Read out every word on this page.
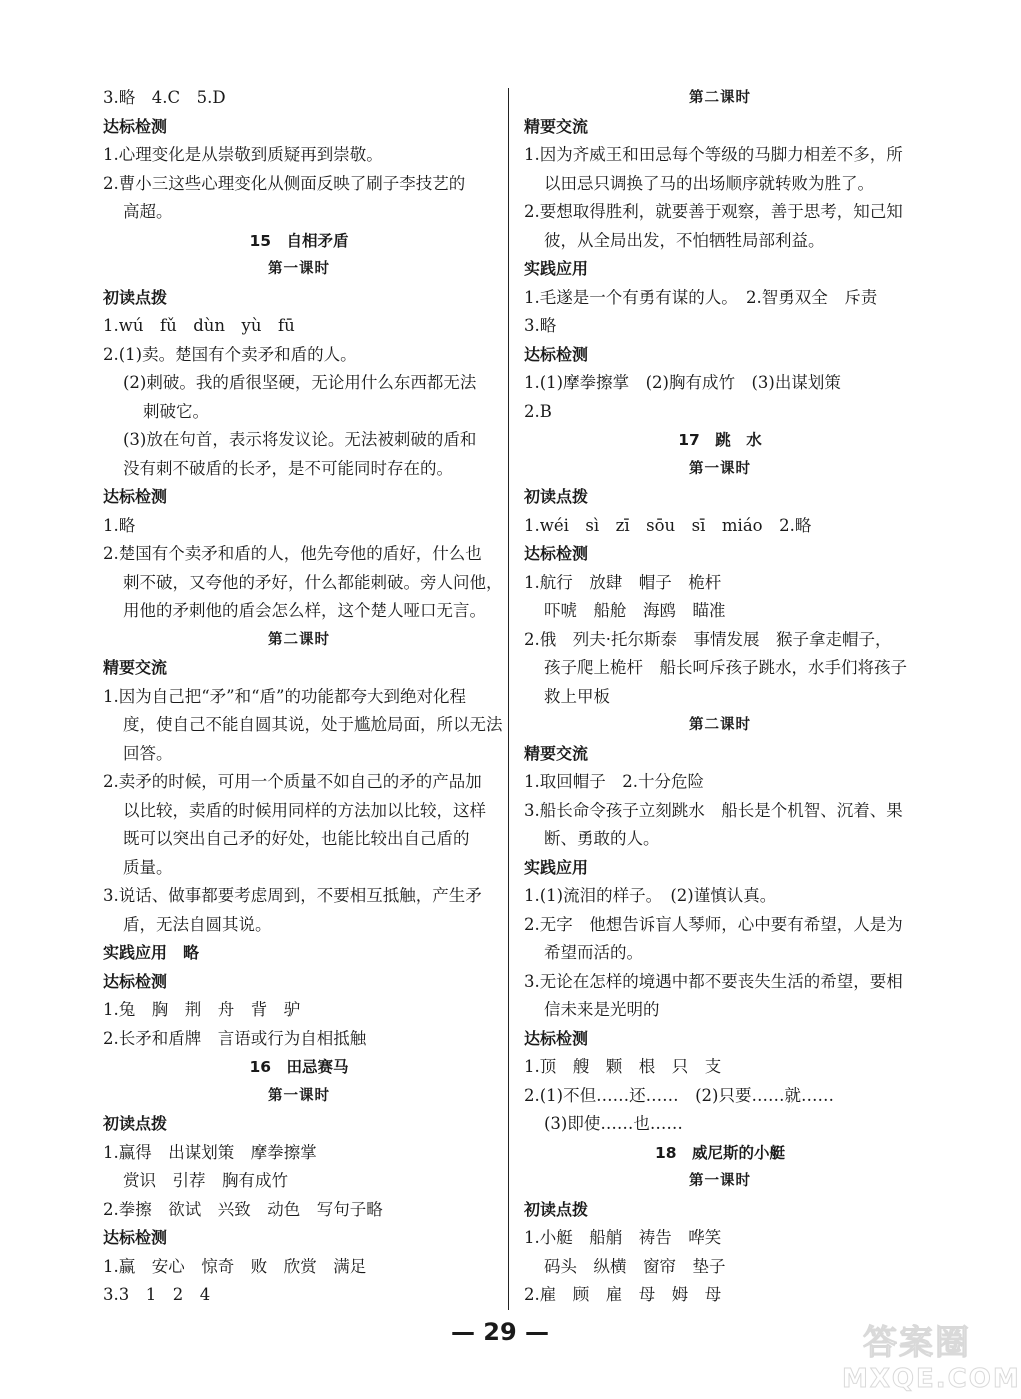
3.略　4.C　5.D
达标检测
1.心理变化是从崇敬到质疑再到崇敬。
2.曹小三这些心理变化从侧面反映了刷子李技艺的
高超。
15　自相矛盾
第一课时
初读点拨
1.wú　fǔ　dùn　yù　fū
2.(1)卖。楚国有个卖矛和盾的人。
(2)刺破。我的盾很坚硬，无论用什么东西都无法
刺破它。
(3)放在句首，表示将发议论。无法被刺破的盾和
没有刺不破盾的长矛，是不可能同时存在的。
达标检测
1.略
2.楚国有个卖矛和盾的人，他先夸他的盾好，什么也
刺不破，又夸他的矛好，什么都能刺破。旁人问他，
用他的矛刺他的盾会怎么样，这个楚人哑口无言。
第二课时
精要交流
1.因为自己把“矛”和“盾”的功能都夸大到绝对化程
度，使自己不能自圆其说，处于尴尬局面，所以无法
回答。
2.卖矛的时候，可用一个质量不如自己的矛的产品加
以比较，卖盾的时候用同样的方法加以比较，这样
既可以突出自己矛的好处，也能比较出自己盾的
质量。
3.说话、做事都要考虑周到，不要相互抵触，产生矛
盾，无法自圆其说。
实践应用　略
达标检测
1.兔　胸　荆　舟　背　驴
2.长矛和盾牌　言语或行为自相抵触
16　田忌赛马
第一课时
初读点拨
1.赢得　出谋划策　摩拳擦掌
赏识　引荐　胸有成竹
2.拳擦　欲试　兴致　动色　写句子略
达标检测
1.赢　安心　惊奇　败　欣赏　满足
3.3　1　2　4
第二课时
精要交流
1.因为齐威王和田忌每个等级的马脚力相差不多，所
以田忌只调换了马的出场顺序就转败为胜了。
2.要想取得胜利，就要善于观察，善于思考，知己知
彼，从全局出发，不怕牺牲局部利益。
实践应用
1.毛遂是一个有勇有谋的人。　2.智勇双全　斥责
3.略
达标检测
1.(1)摩拳擦掌　(2)胸有成竹　(3)出谋划策
2.B
17　跳　水
第一课时
初读点拨
1.wéi　sì　zī　sōu　sī　miáo　2.略
达标检测
1.航行　放肆　帽子　桅杆
吓唬　船舱　海鸥　瞄准
2.俄　列夫·托尔斯泰　事情发展　猴子拿走帽子，
孩子爬上桅杆　船长呵斥孩子跳水，水手们将孩子
救上甲板
第二课时
精要交流
1.取回帽子　2.十分危险
3.船长命令孩子立刻跳水　船长是个机智、沉着、果
断、勇敢的人。
实践应用
1.(1)流泪的样子。　(2)谨慎认真。
2.无字　他想告诉盲人琴师，心中要有希望，人是为
希望而活的。
3.无论在怎样的境遇中都不要丧失生活的希望，要相
信未来是光明的
达标检测
1.顶　艘　颗　根　只　支
2.(1)不但……还……　(2)只要……就……
(3)即使……也……
18　威尼斯的小艇
第一课时
初读点拨
1.小艇　船艄　祷告　哗笑
码头　纵横　窗帘　垫子
2.雇　顾　雇　母　姆　母
— 29 —	答案圈
MXQE.COM
